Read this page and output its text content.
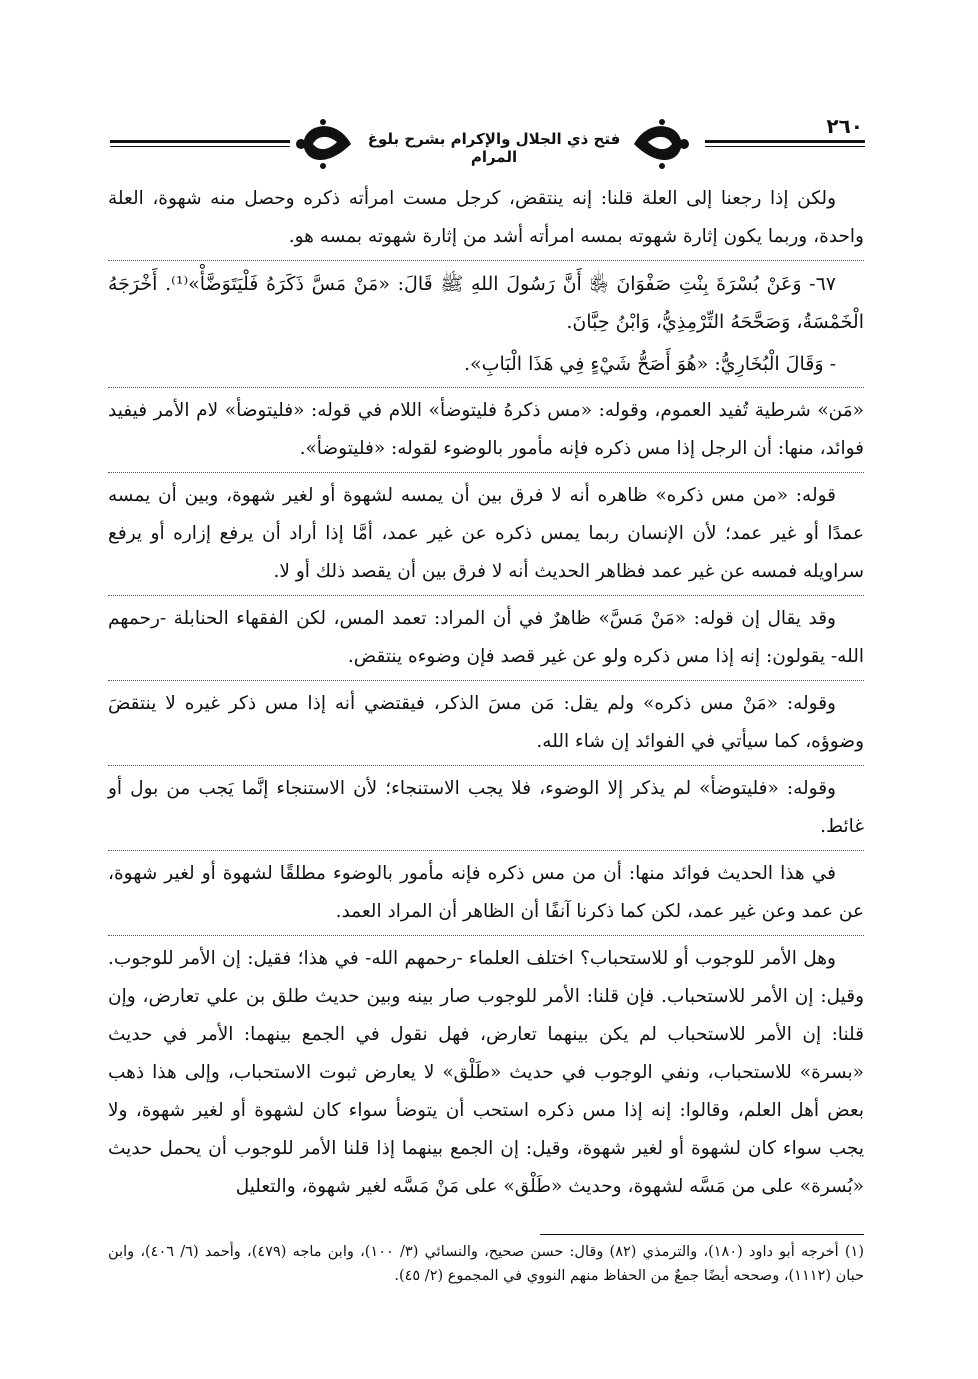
فتح ذي الجلال والإكرام بشرح بلوغ المرام
٢٦٠

ولكن إذا رجعنا إلى العلة قلنا: إنه ينتقض، كرجل مست امرأته ذكره وحصل منه شهوة، العلة واحدة، وربما يكون إثارة شهوته بمسه امرأته أشد من إثارة شهوته بمسه هو.

٦٧- وَعَنْ بُسْرَةَ بِنْتِ صَفْوَانَ ﵂ أَنَّ رَسُولَ اللهِ ﷺ قَالَ: «مَنْ مَسَّ ذَكَرَهُ فَلْيَتَوَضَّأْ»⁽¹⁾. أَخْرَجَهُ الْخَمْسَةُ، وَصَحَّحَهُ التِّرْمِذِيُّ، وَابْنُ حِبَّانَ.

- وَقَالَ الْبُخَارِيُّ: «هُوَ أَصَحُّ شَيْءٍ فِي هَذَا الْبَابِ».

«مَن» شرطية تُفيد العموم، وقوله: «مس ذكرهُ فليتوضأ» اللام في قوله: «فليتوضأ» لام الأمر فيفيد فوائد، منها: أن الرجل إذا مس ذكره فإنه مأمور بالوضوء لقوله: «فليتوضأ».

قوله: «من مس ذكره» ظاهره أنه لا فرق بين أن يمسه لشهوة أو لغير شهوة، وبين أن يمسه عمدًا أو غير عمد؛ لأن الإنسان ربما يمس ذكره عن غير عمد، أمَّا إذا أراد أن يرفع إزاره أو يرفع سراويله فمسه عن غير عمد فظاهر الحديث أنه لا فرق بين أن يقصد ذلك أو لا.

وقد يقال إن قوله: «مَنْ مَسَّ» ظاهرٌ في أن المراد: تعمد المس، لكن الفقهاء الحنابلة -رحمهم الله- يقولون: إنه إذا مس ذكره ولو عن غير قصد فإن وضوءه ينتقض.

وقوله: «مَنْ مس ذكره» ولم يقل: مَن مسَ الذكر، فيقتضي أنه إذا مس ذكر غيره لا ينتقضَ وضوؤه، كما سيأتي في الفوائد إن شاء الله.

وقوله: «فليتوضأ» لم يذكر إلا الوضوء، فلا يجب الاستنجاء؛ لأن الاستنجاء إنَّما يَجب من بول أو غائط.

في هذا الحديث فوائد منها: أن من مس ذكره فإنه مأمور بالوضوء مطلقًا لشهوة أو لغير شهوة، عن عمد وعن غير عمد، لكن كما ذكرنا آنفًا أن الظاهر أن المراد العمد.

وهل الأمر للوجوب أو للاستحباب؟ اختلف العلماء -رحمهم الله- في هذا؛ فقيل: إن الأمر للوجوب. وقيل: إن الأمر للاستحباب. فإن قلنا: الأمر للوجوب صار بينه وبين حديث طلق بن علي تعارض، وإن قلنا: إن الأمر للاستحباب لم يكن بينهما تعارض، فهل نقول في الجمع بينهما: الأمر في حديث «بسرة» للاستحباب، ونفي الوجوب في حديث «طَلْق» لا يعارض ثبوت الاستحباب، وإلى هذا ذهب بعض أهل العلم، وقالوا: إنه إذا مس ذكره استحب أن يتوضأ سواء كان لشهوة أو لغير شهوة، ولا يجب سواء كان لشهوة أو لغير شهوة، وقيل: إن الجمع بينهما إذا قلنا الأمر للوجوب أن يحمل حديث «بُسرة» على من مَسَّه لشهوة، وحديث «طَلْق» على مَنْ مَسَّه لغير شهوة، والتعليل

(١) أخرجه أبو داود (١٨٠)، والترمذي (٨٢) وقال: حسن صحيح، والنسائي (٣/ ١٠٠)، وابن ماجه (٤٧٩)، وأحمد (٦/ ٤٠٦)، وابن حبان (١١١٢)، وصححه أيضًا جمعٌ من الحفاظ منهم النووي في المجموع (٢/ ٤٥).
